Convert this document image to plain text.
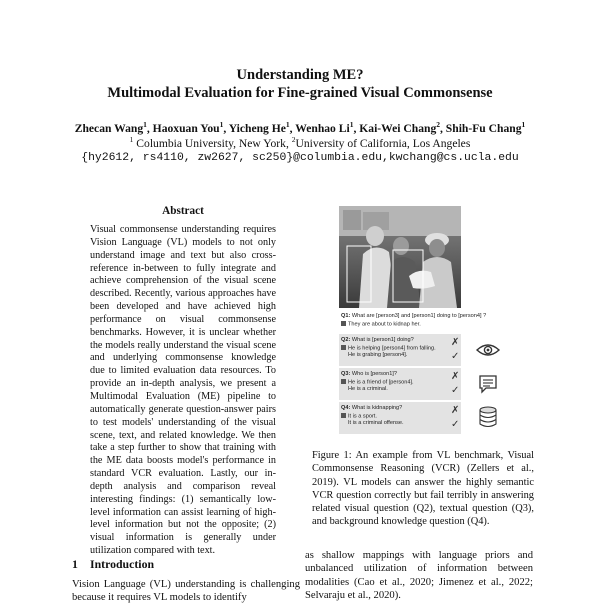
Understanding ME?
Multimodal Evaluation for Fine-grained Visual Commonsense
Zhecan Wang$^1$, Haoxuan You$^1$, Yicheng He$^1$, Wenhao Li$^1$, Kai-Wei Chang$^2$, Shih-Fu Chang$^1$
$^1$ Columbia University, New York, $^2$University of California, Los Angeles
{hy2612, rs4110, zw2627, sc250}@columbia.edu,kwchang@cs.ucla.edu
Abstract
Visual commonsense understanding requires Vision Language (VL) models to not only understand image and text but also cross-reference in-between to fully integrate and achieve comprehension of the visual scene described. Recently, various approaches have been developed and have achieved high performance on visual commonsense benchmarks. However, it is unclear whether the models really understand the visual scene and underlying commonsense knowledge due to limited evaluation data resources. To provide an in-depth analysis, we present a Multimodal Evaluation (ME) pipeline to automatically generate question-answer pairs to test models' understanding of the visual scene, text, and related knowledge. We then take a step further to show that training with the ME data boosts model's performance in standard VCR evaluation. Lastly, our in-depth analysis and comparison reveal interesting findings: (1) semantically low-level information can assist learning of high-level information but not the opposite; (2) visual information is generally under utilization compared with text.
1 Introduction
Vision Language (VL) understanding is challenging because it requires VL models to identify
as shallow mappings with language priors and unbalanced utilization of information between modalities (Cao et al., 2020; Jimenez et al., 2022; Selvaraju et al., 2020).
Q1: What are [person3] and [person1] doing to [person4] ?
They are about to kidnap her.
Q2: What is [person1] doing?
He is helping [person4] from falling.
He is grabing [person4].
✗
✓
Q3: Who is [person1]?
He is a friend of [person4].
He is a criminal.
✗
✓
Q4: What is kidnapping?
It is a sport.
It is a criminal offense.
✗
✓
Figure 1: An example from VL benchmark, Visual Commonsense Reasoning (VCR) (Zellers et al., 2019). VL models can answer the highly semantic VCR question correctly but fail terribly in answering related visual question (Q2), textual question (Q3), and background knowledge question (Q4).
